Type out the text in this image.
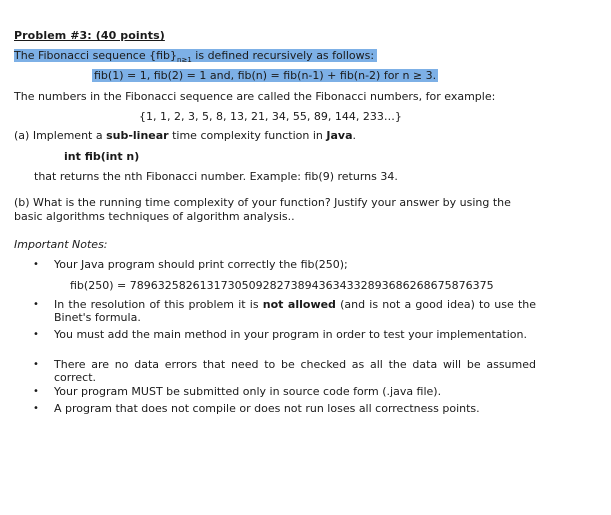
Problem #3: (40 points)
The Fibonacci sequence $\{fib\}_{n\ge 1}$ is defined recursively as follows:
fib(1) = 1, fib(2) = 1 and, fib(n) = fib(n-1) + fib(n-2) for n ≥ 3.
The numbers in the Fibonacci sequence are called the Fibonacci numbers, for example:
{1, 1, 2, 3, 5, 8, 13, 21, 34, 55, 89, 144, 233…}
(a) Implement a sub-linear time complexity function in Java.
int fib(int n)
that returns the nth Fibonacci number. Example: fib(9) returns 34.
(b) What is the running time complexity of your function? Justify your answer by using the
basic algorithms techniques of algorithm analysis..
Important Notes:
•	Your Java program should print correctly the fib(250);
fib(250) = 7896325826131730509282738943634332893686268675876375
•	In the resolution of this problem it is not allowed (and is not a good idea) to use the Binet's formula.
•	You must add the main method in your program in order to test your implementation.
•	There are no data errors that need to be checked as all the data will be assumed correct.
•	Your program MUST be submitted only in source code form (.java file).
•	A program that does not compile or does not run loses all correctness points.
